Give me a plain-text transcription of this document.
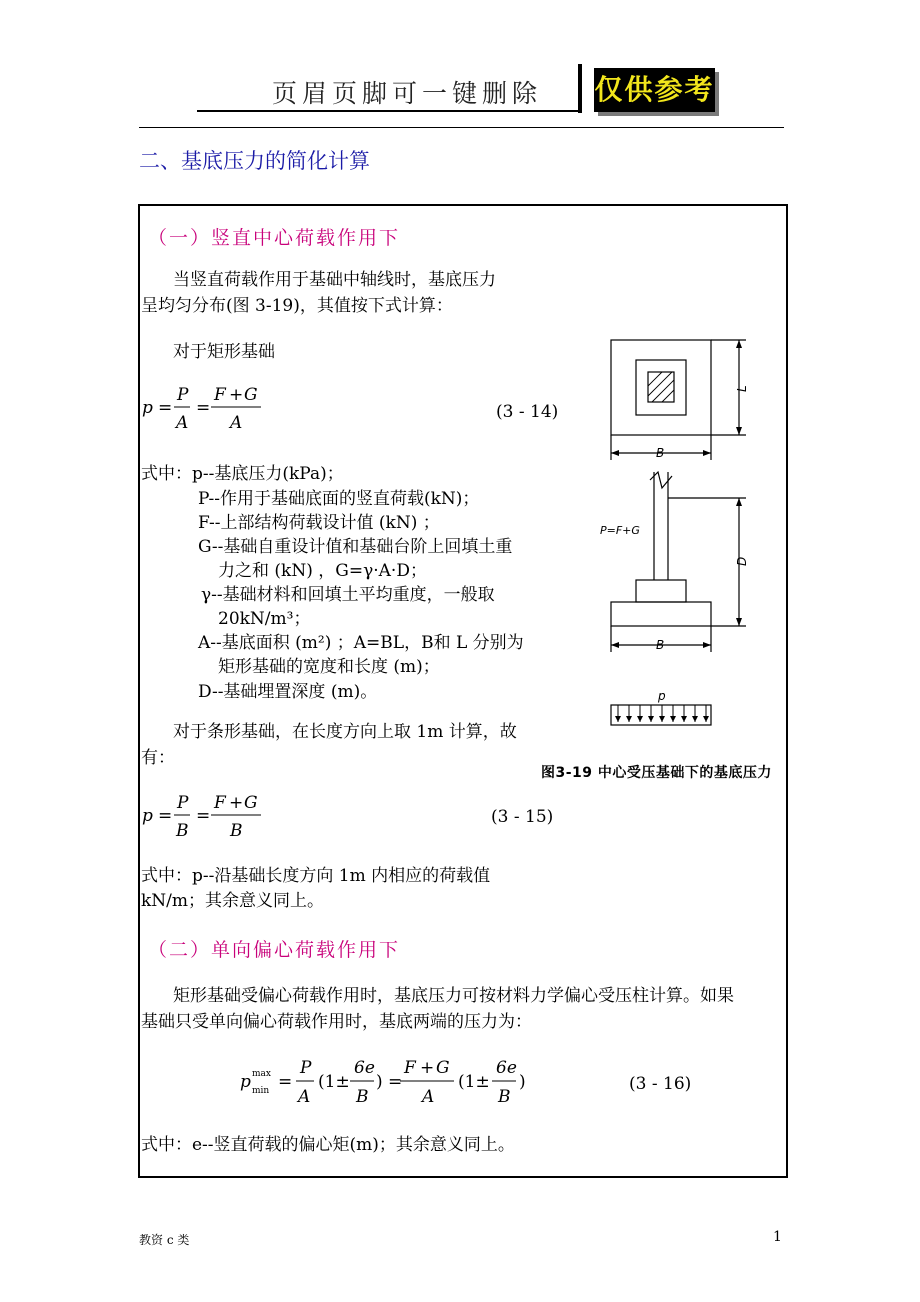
页眉页脚可一键删除 仅供参考
二、基底压力的简化计算
（一）竖直中心荷载作用下
当竖直荷载作用于基础中轴线时，基底压力
呈均匀分布(图 3-19)，其值按下式计算：
对于矩形基础
p =
P
A
=
F + G
A
(3 - 14)
式中：p--基底压力(kPa)；
P--作用于基础底面的竖直荷载(kN)；
F--上部结构荷载设计值 (kN) ；
G--基础自重设计值和基础台阶上回填土重
力之和 (kN) ，G=γ·A·D；
γ--基础材料和回填土平均重度，一般取
20kN/m³；
A--基底面积 (m²) ；A=BL，B和 L 分别为
矩形基础的宽度和长度 (m)；
D--基础埋置深度 (m)。
对于条形基础，在长度方向上取 1m 计算，故
有：
p =
P
B
=
F + G
B
(3 - 15)
式中：p--沿基础长度方向 1m 内相应的荷载值
kN/m；其余意义同上。
L
B
D
B
p
P=F+G
图3-19 中心受压基础下的基底压力
（二）单向偏心荷载作用下
矩形基础受偏心荷载作用时，基底压力可按材料力学偏心受压柱计算。如果
基础只受单向偏心荷载作用时，基底两端的压力为：
p max
min =
P
A
(1±
6e
B
) =
F + G
A
(1±
6e
B
)	(3 - 16)
式中：e--竖直荷载的偏心矩(m)；其余意义同上。
教资 c 类	1
